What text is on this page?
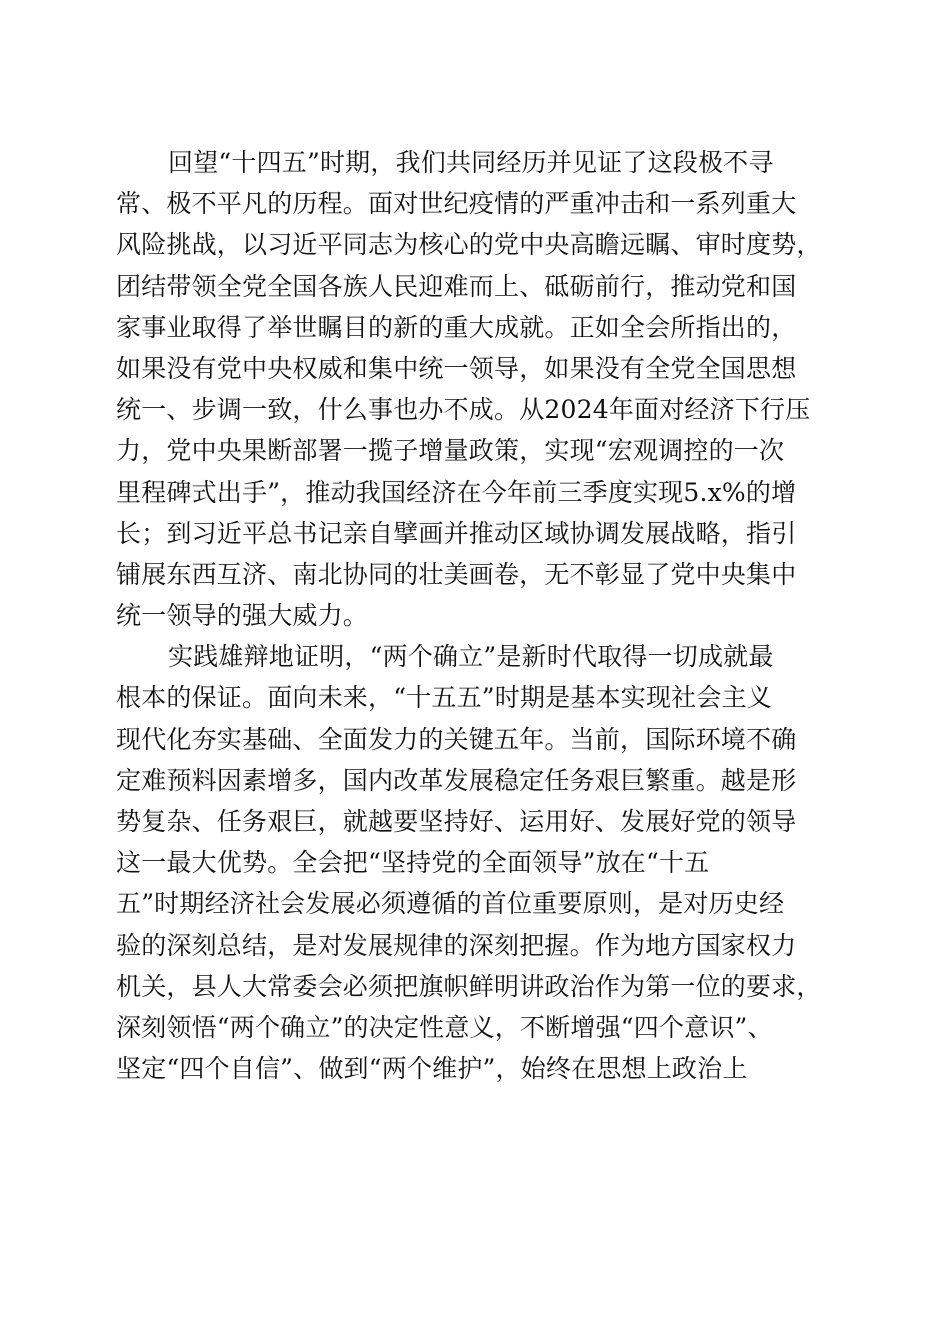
回望“十四五”时期，我们共同经历并见证了这段极不寻
常、极不平凡的历程。面对世纪疫情的严重冲击和一系列重大
风险挑战，以习近平同志为核心的党中央高瞻远瞩、审时度势，
团结带领全党全国各族人民迎难而上、砥砺前行，推动党和国
家事业取得了举世瞩目的新的重大成就。正如全会所指出的，
如果没有党中央权威和集中统一领导，如果没有全党全国思想
统一、步调一致，什么事也办不成。从2024年面对经济下行压
力，党中央果断部署一揽子增量政策，实现“宏观调控的一次
里程碑式出手”，推动我国经济在今年前三季度实现5.x%的增
长；到习近平总书记亲自擘画并推动区域协调发展战略，指引
铺展东西互济、南北协同的壮美画卷，无不彰显了党中央集中
统一领导的强大威力。
实践雄辩地证明，“两个确立”是新时代取得一切成就最
根本的保证。面向未来，“十五五”时期是基本实现社会主义
现代化夯实基础、全面发力的关键五年。当前，国际环境不确
定难预料因素增多，国内改革发展稳定任务艰巨繁重。越是形
势复杂、任务艰巨，就越要坚持好、运用好、发展好党的领导
这一最大优势。全会把“坚持党的全面领导”放在“十五
五”时期经济社会发展必须遵循的首位重要原则，是对历史经
验的深刻总结，是对发展规律的深刻把握。作为地方国家权力
机关，县人大常委会必须把旗帜鲜明讲政治作为第一位的要求，
深刻领悟“两个确立”的决定性意义，不断增强“四个意识”、
坚定“四个自信”、做到“两个维护”，始终在思想上政治上
